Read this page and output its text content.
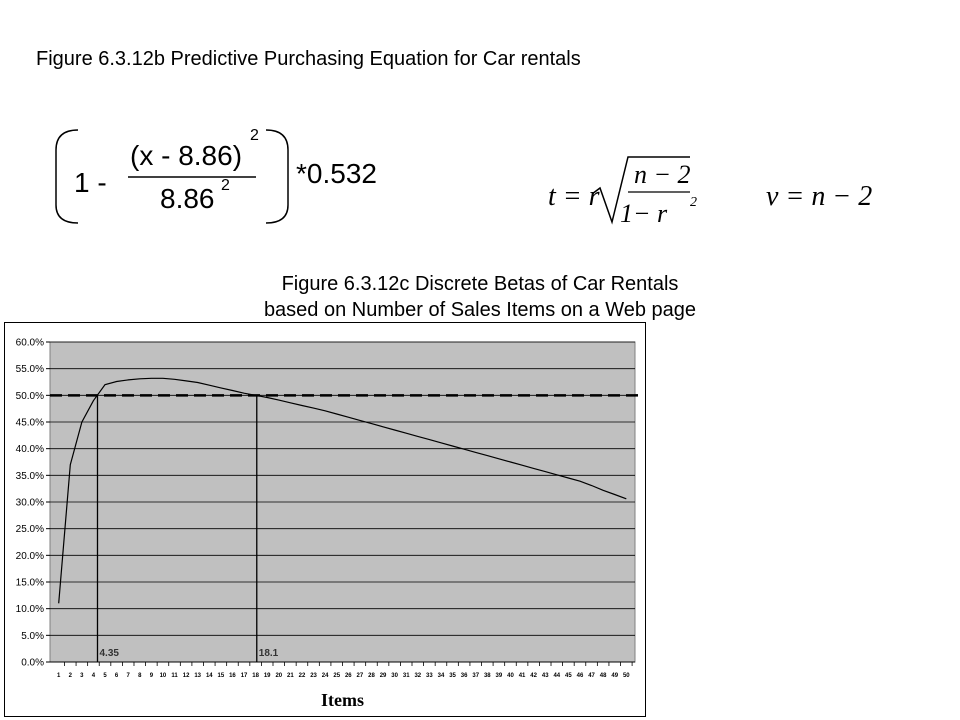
Figure 6.3.12b Predictive Purchasing Equation for Car rentals
1 -
(x - 8.86)
2
8.86 2 *0.532
t = r
n − 2
1− r 2 v = n − 2
Figure 6.3.12c Discrete Betas of Car Rentals
based on Number of Sales Items on a Web page
0.0%
5.0%
10.0%
15.0%
20.0%
25.0%
30.0%
35.0%
40.0%
45.0%
50.0%
55.0%
60.0%
1 2 3 4 5 6 7 8 9 10 11 12 13 14 15 16 17 18 19 20 21 22 23 24 25 26 27 28 29 30 31 32 33 34 35 36 37 38 39 40 41 42 43 44 45 46 47 48 49 50
4.35	18.1
Items
